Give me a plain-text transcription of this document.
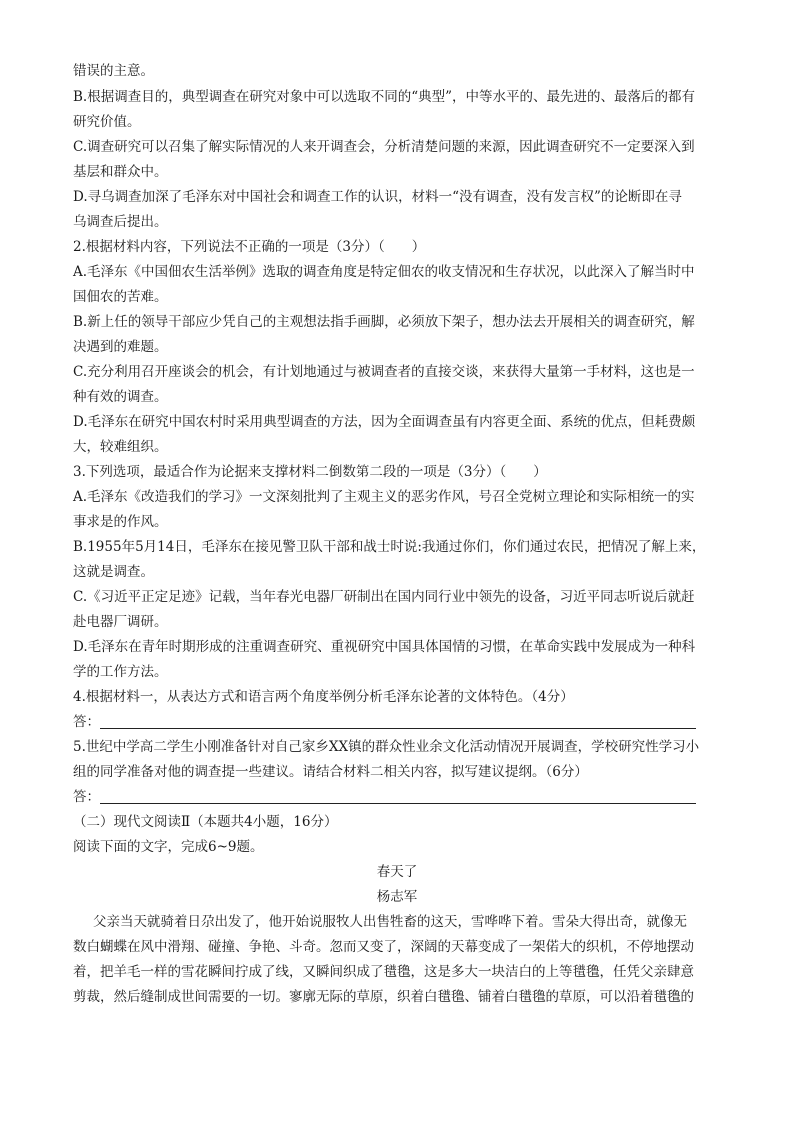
错误的主意。
B.根据调查目的，典型调查在研究对象中可以选取不同的“典型”，中等水平的、最先进的、最落后的都有
研究价值。
C.调查研究可以召集了解实际情况的人来开调查会，分析清楚问题的来源，因此调查研究不一定要深入到
基层和群众中。
D.寻乌调查加深了毛泽东对中国社会和调查工作的认识，材料一“没有调查，没有发言权”的论断即在寻
乌调查后提出。
2.根据材料内容，下列说法不正确的一项是（3分）（　　）
A.毛泽东《中国佃农生活举例》选取的调查角度是特定佃农的收支情况和生存状况，以此深入了解当时中
国佃农的苦难。
B.新上任的领导干部应少凭自己的主观想法指手画脚，必须放下架子，想办法去开展相关的调查研究，解
决遇到的难题。
C.充分利用召开座谈会的机会，有计划地通过与被调查者的直接交谈，来获得大量第一手材料，这也是一
种有效的调查。
D.毛泽东在研究中国农村时采用典型调查的方法，因为全面调查虽有内容更全面、系统的优点，但耗费颇
大，较难组织。
3.下列选项，最适合作为论据来支撑材料二倒数第二段的一项是（3分）（　　）
A.毛泽东《改造我们的学习》一文深刻批判了主观主义的恶劣作风，号召全党树立理论和实际相统一的实
事求是的作风。
B.1955年5月14日，毛泽东在接见警卫队干部和战士时说:我通过你们，你们通过农民，把情况了解上来，
这就是调查。
C.《习近平正定足迹》记载，当年春光电器厂研制出在国内同行业中领先的设备，习近平同志听说后就赶
赴电器厂调研。
D.毛泽东在青年时期形成的注重调查研究、重视研究中国具体国情的习惯，在革命实践中发展成为一种科
学的工作方法。
4.根据材料一，从表达方式和语言两个角度举例分析毛泽东论著的文体特色。（4分）
答：
5.世纪中学高二学生小刚准备针对自己家乡XX镇的群众性业余文化活动情况开展调查，学校研究性学习小
组的同学准备对他的调查提一些建议。请结合材料二相关内容，拟写建议提纲。（6分）
答：
（二）现代文阅读Ⅱ（本题共4小题，16分）
阅读下面的文字，完成6~9题。
春天了
杨志军
父亲当天就骑着日尕出发了，他开始说服牧人出售牲畜的这天，雪哗哗下着。雪朵大得出奇，就像无
数白蝴蝶在风中滑翔、碰撞、争艳、斗奇。忽而又变了，深阔的天幕变成了一架偌大的织机，不停地摆动
着，把羊毛一样的雪花瞬间拧成了线，又瞬间织成了氆氇，这是多大一块洁白的上等氆氇，任凭父亲肆意
剪裁，然后缝制成世间需要的一切。寥廓无际的草原，织着白氆氇、铺着白氆氇的草原，可以沿着氆氇的
